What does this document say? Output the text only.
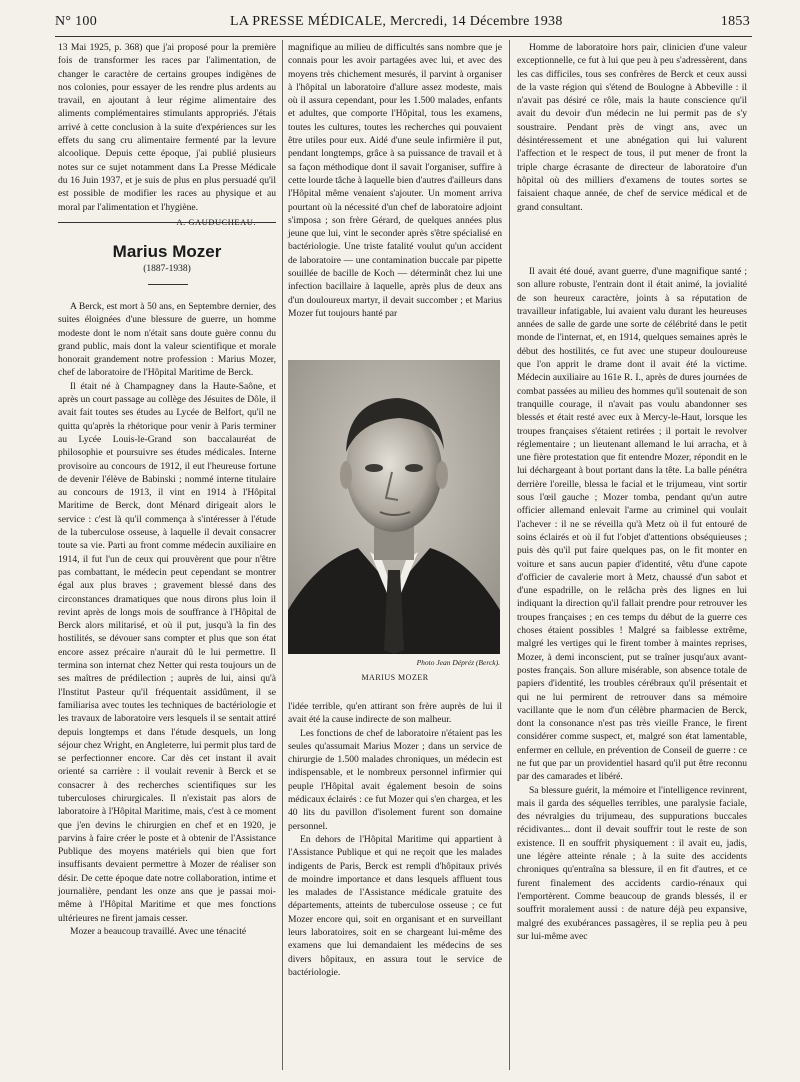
N° 100	LA PRESSE MÉDICALE, Mercredi, 14 Décembre 1938	1853

13 Mai 1925, p. 368) que j'ai proposé pour la première fois de transformer les races par l'alimentation, de changer le caractère de certains groupes indigènes de nos colonies, pour essayer de les rendre plus ardents au travail, en ajoutant à leur régime alimentaire des aliments complémentaires stimulants appropriés. J'étais arrivé à cette conclusion à la suite d'expériences sur les effets du sang cru alimentaire fermenté par la levure alcoolique. Depuis cette époque, j'ai publié plusieurs notes sur ce sujet notamment dans La Presse Médicale du 16 Juin 1937, et je suis de plus en plus persuadé qu'il est possible de modifier les races au physique et au moral par l'alimentation et l'hygiène.

A. GAUDUCHEAU.
Marius Mozer
(1887-1938)

A Berck, est mort à 50 ans, en Septembre dernier, des suites éloignées d'une blessure de guerre, un homme modeste dont le nom n'était sans doute guère connu du grand public, mais dont la valeur scientifique et morale honorait grandement notre profession : Marius Mozer, chef de laboratoire de l'Hôpital Maritime de Berck.

Il était né à Champagney dans la Haute-Saône, et après un court passage au collège des Jésuites de Dôle, il avait fait toutes ses études au Lycée de Belfort, qu'il ne quitta qu'après la rhétorique pour venir à Paris terminer au Lycée Louis-le-Grand son baccalauréat de philosophie et poursuivre ses études médicales. Interne provisoire au concours de 1912, il eut l'heureuse fortune de devenir l'élève de Babinski ; nommé interne titulaire au concours de 1913, il vint en 1914 à l'Hôpital Maritime de Berck, dont Ménard dirigeait alors le service : c'est là qu'il commença à s'intéresser à l'étude de la tuberculose osseuse, à laquelle il devait consacrer toute sa vie. Parti au front comme médecin auxiliaire en 1914, il fut l'un de ceux qui prouvèrent que pour n'être pas combattant, le médecin peut cependant se montrer égal aux plus braves ; gravement blessé dans des circonstances dramatiques que nous dirons plus loin il revint après de longs mois de souffrance à l'Hôpital de Berck alors militarisé, et où il put, jusqu'à la fin des hostilités, se dévouer sans compter et plus que son état encore assez précaire n'aurait dû le lui permettre. Il termina son internat chez Netter qui resta toujours un de ses maîtres de prédilection ; auprès de lui, ainsi qu'à l'Institut Pasteur qu'il fréquentait assidûment, il se familiarisa avec toutes les techniques de bactériologie et les travaux de laboratoire vers lesquels il se sentait attiré depuis longtemps et dans l'étude desquels, un long séjour chez Wright, en Angleterre, lui permit plus tard de se perfectionner encore. Car dès cet instant il avait orienté sa carrière : il voulait revenir à Berck et se consacrer à des recherches scientifiques sur les tuberculoses chirurgicales. Il n'existait pas alors de laboratoire à l'Hôpital Maritime, mais, c'est à ce moment que j'en devins le chirurgien en chef et en 1920, je parvins à faire créer le poste et à obtenir de l'Assistance Publique des moyens matériels qui bien que fort insuffisants devaient permettre à Mozer de réaliser son désir. De cette époque date notre collaboration, intime et journalière, pendant les onze ans que je passai moi-même à l'Hôpital Maritime et que mes fonctions ultérieures ne firent jamais cesser.

Mozer a beaucoup travaillé. Avec une ténacité

magnifique au milieu de difficultés sans nombre que je connais pour les avoir partagées avec lui, et avec des moyens très chichement mesurés, il parvint à organiser à l'hôpital un laboratoire d'allure assez modeste, mais où il assura cependant, pour les 1.500 malades, enfants et adultes, que comporte l'Hôpital, tous les examens, toutes les cultures, toutes les recherches qui pouvaient être utiles pour eux. Aidé d'une seule infirmière il put, pendant longtemps, grâce à sa puissance de travail et à sa façon méthodique dont il savait l'organiser, suffire à cette lourde tâche à laquelle bien d'autres d'ailleurs dans l'Hôpital même venaient s'ajouter. Un moment arriva pourtant où la nécessité d'un chef de laboratoire adjoint s'imposa ; son frère Gérard, de quelques années plus jeune que lui, vint le seconder après s'être spécialisé en bactériologie. Une triste fatalité voulut qu'un accident de laboratoire — une contamination buccale par pipette souillée de bacille de Koch — déterminât chez lui une infection bacillaire à laquelle, après plus de deux ans d'un douloureux martyr, il devait succomber ; et Marius Mozer fut toujours hanté par

Photo Jean Dépréz (Berck).
MARIUS MOZER

l'idée terrible, qu'en attirant son frère auprès de lui il avait été la cause indirecte de son malheur.

Les fonctions de chef de laboratoire n'étaient pas les seules qu'assumait Marius Mozer ; dans un service de chirurgie de 1.500 malades chroniques, un médecin est indispensable, et le nombreux personnel infirmier qui peuple l'Hôpital avait également besoin de soins médicaux éclairés : ce fut Mozer qui s'en chargea, et les 40 lits du pavillon d'isolement furent son domaine personnel.

En dehors de l'Hôpital Maritime qui appartient à l'Assistance Publique et qui ne reçoit que les malades indigents de Paris, Berck est rempli d'hôpitaux privés de moindre importance et dans lesquels affluent tous les malades de l'Assistance médicale gratuite des départements, atteints de tuberculose osseuse ; ce fut Mozer encore qui, soit en organisant et en surveillant leurs laboratoires, soit en se chargeant lui-même des examens que lui demandaient les médecins de ses divers hôpitaux, en assura tout le service de bactériologie.

Homme de laboratoire hors pair, clinicien d'une valeur exceptionnelle, ce fut à lui que peu à peu s'adressèrent, dans les cas difficiles, tous ses confrères de Berck et ceux aussi de la vaste région qui s'étend de Boulogne à Abbeville : il n'avait pas désiré ce rôle, mais la haute conscience qu'il avait du devoir d'un médecin ne lui permit pas de s'y soustraire. Pendant près de vingt ans, avec un désintéressement et une abnégation qui lui valurent l'affection et le respect de tous, il put mener de front la triple charge écrasante de directeur de laboratoire d'un hôpital où des milliers d'examens de toutes sortes se faisaient chaque année, de chef de service médical et de grand consultant.

Il avait été doué, avant guerre, d'une magnifique santé ; son allure robuste, l'entrain dont il était animé, la jovialité de son heureux caractère, joints à sa réputation de travailleur infatigable, lui avaient valu durant les heureuses années de salle de garde une sorte de célébrité dans le petit monde de l'internat, et, en 1914, quelques semaines après le début des hostilités, ce fut avec une stupeur douloureuse que l'on apprit le drame dont il avait été la victime. Médecin auxiliaire au 161e R. I., après de dures journées de combat passées au milieu des hommes qu'il soutenait de son tranquille courage, il n'avait pas voulu abandonner ses blessés et était resté avec eux à Mercy-le-Haut, lorsque les troupes françaises s'étaient retirées ; il portait le revolver réglementaire ; un lieutenant allemand le lui arracha, et à une fière protestation que fit entendre Mozer, répondit en le lui déchargeant à bout portant dans la tête. La balle pénétra derrière l'oreille, blessa le facial et le trijumeau, vint sortir sous l'œil gauche ; Mozer tomba, pendant qu'un autre officier allemand enlevait l'arme au criminel qui voulait l'achever : il ne se réveilla qu'à Metz où il fut entouré de soins éclairés et où il fut l'objet d'attentions obséquieuses ; puis dès qu'il put faire quelques pas, on le fit monter en voiture et sans aucun papier d'identité, vêtu d'une capote d'officier de cavalerie mort à Metz, chaussé d'un sabot et d'une espadrille, on le relâcha près des lignes en lui indiquant la direction qu'il fallait prendre pour retrouver les troupes françaises ; en ces temps du début de la guerre ces choses étaient possibles ! Malgré sa faiblesse extrême, malgré les vertiges qui le firent tomber à maintes reprises, Mozer, à demi inconscient, put se traîner jusqu'aux avant-postes français. Son allure misérable, son absence totale de papiers d'identité, les troubles cérébraux qu'il présentait et qui ne lui permirent de retrouver dans sa mémoire vacillante que le nom d'un célèbre pharmacien de Berck, dont la consonance n'est pas très vieille France, le firent considérer comme suspect, et, malgré son état lamentable, enfermer en cellule, en prévention de Conseil de guerre : ce ne fut que par un providentiel hasard qu'il put être reconnu par des camarades et libéré.

Sa blessure guérit, la mémoire et l'intelligence revinrent, mais il garda des séquelles terribles, une paralysie faciale, des névralgies du trijumeau, des suppurations buccales récidivantes... dont il devait souffrir tout le reste de son existence. Il en souffrit physiquement : il avait eu, jadis, une légère atteinte rénale ; à la suite des accidents chroniques qu'entraîna sa blessure, il en fit d'autres, et ce furent finalement des accidents cardio-rénaux qui l'emportèrent. Comme beaucoup de grands blessés, il er souffrit moralement aussi : de nature déjà peu expansive, malgré des exubérances passagères, il se replia peu à peu sur lui-même avec
